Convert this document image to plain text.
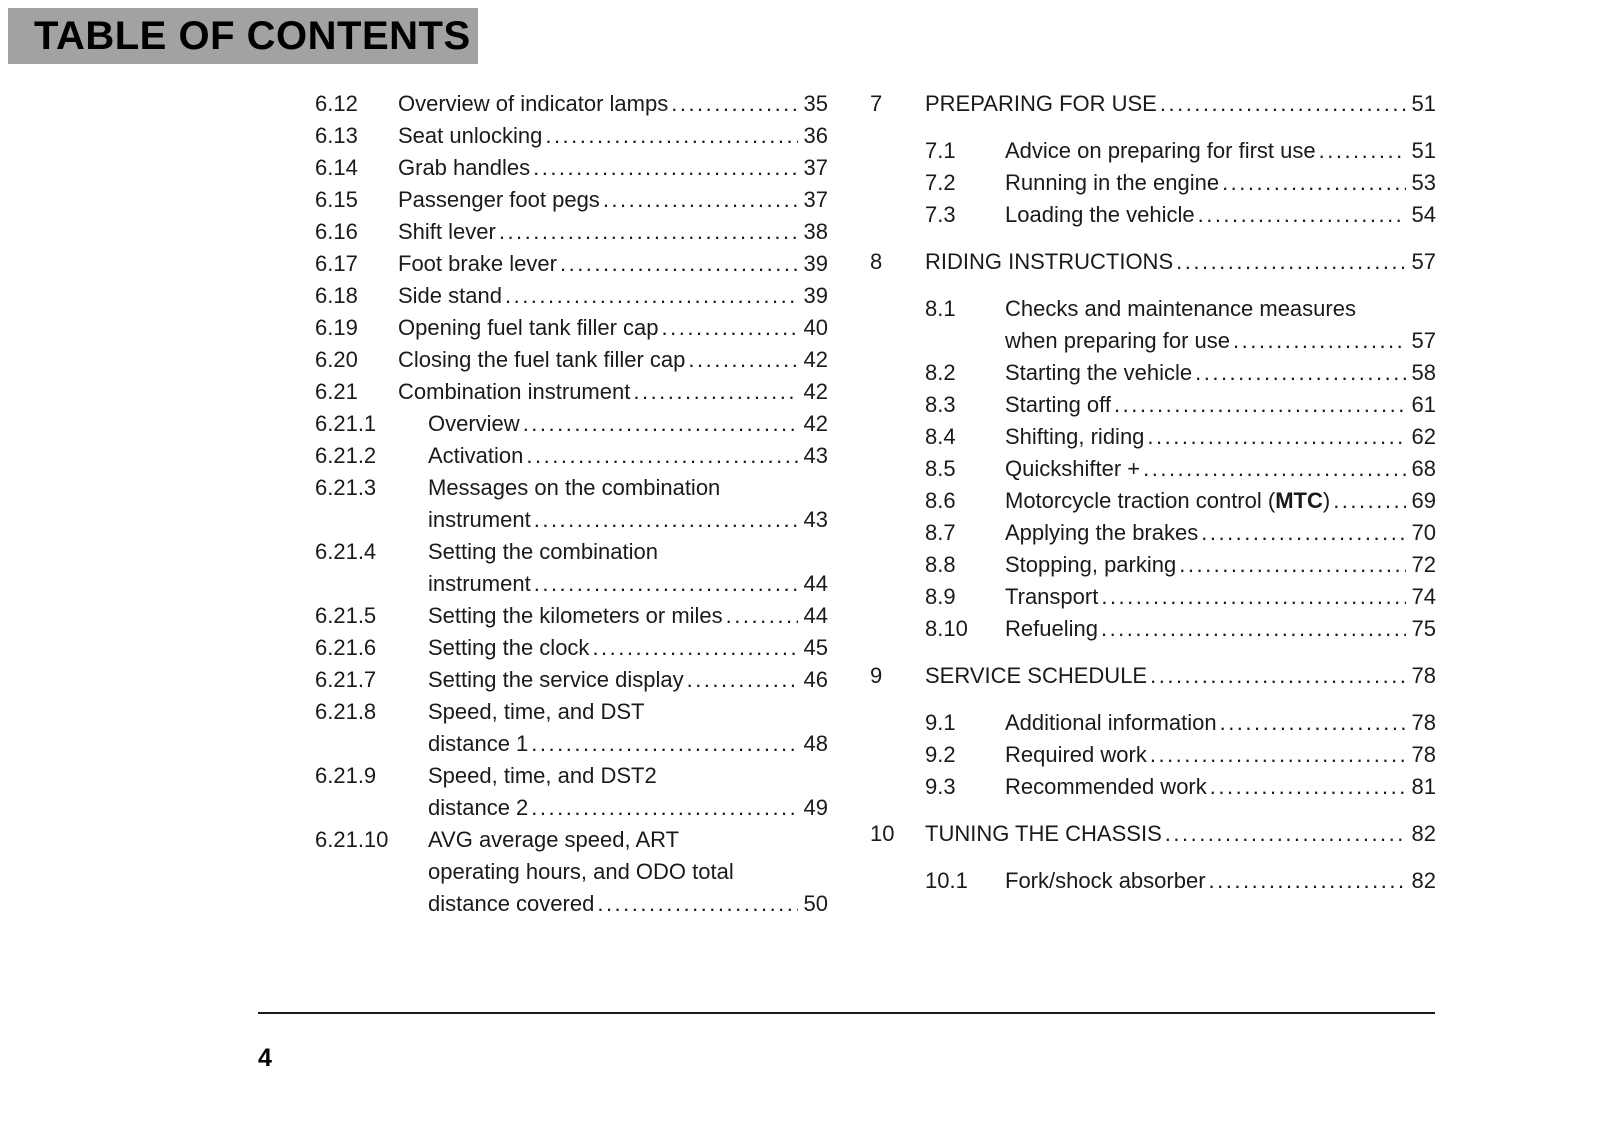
TABLE OF CONTENTS
6.12	Overview of indicator lamps .....	35
6.13	Seat unlocking .....	36
6.14	Grab handles .....	37
6.15	Passenger foot pegs .....	37
6.16	Shift lever .....	38
6.17	Foot brake lever .....	39
6.18	Side stand .....	39
6.19	Opening fuel tank filler cap .....	40
6.20	Closing the fuel tank filler cap .....	42
6.21	Combination instrument .....	42
6.21.1	Overview .....	42
6.21.2	Activation .....	43
6.21.3	Messages on the combination
instrument .....	43
6.21.4	Setting the combination
instrument .....	44
6.21.5	Setting the kilometers or miles .....	44
6.21.6	Setting the clock .....	45
6.21.7	Setting the service display .....	46
6.21.8	Speed, time, and DST
distance 1 .....	48
6.21.9	Speed, time, and DST2
distance 2 .....	49
6.21.10	AVG average speed, ART
operating hours, and ODO total
distance covered .....	50
7	PREPARING FOR USE .....	51
7.1	Advice on preparing for first use .....	51
7.2	Running in the engine .....	53
7.3	Loading the vehicle .....	54
8	RIDING INSTRUCTIONS .....	57
8.1	Checks and maintenance measures
when preparing for use .....	57
8.2	Starting the vehicle .....	58
8.3	Starting off .....	61
8.4	Shifting, riding .....	62
8.5	Quickshifter + .....	68
8.6	Motorcycle traction control (MTC) .....	69
8.7	Applying the brakes .....	70
8.8	Stopping, parking .....	72
8.9	Transport .....	74
8.10	Refueling .....	75
9	SERVICE SCHEDULE .....	78
9.1	Additional information .....	78
9.2	Required work .....	78
9.3	Recommended work .....	81
10	TUNING THE CHASSIS .....	82
10.1	Fork/shock absorber .....	82
4
